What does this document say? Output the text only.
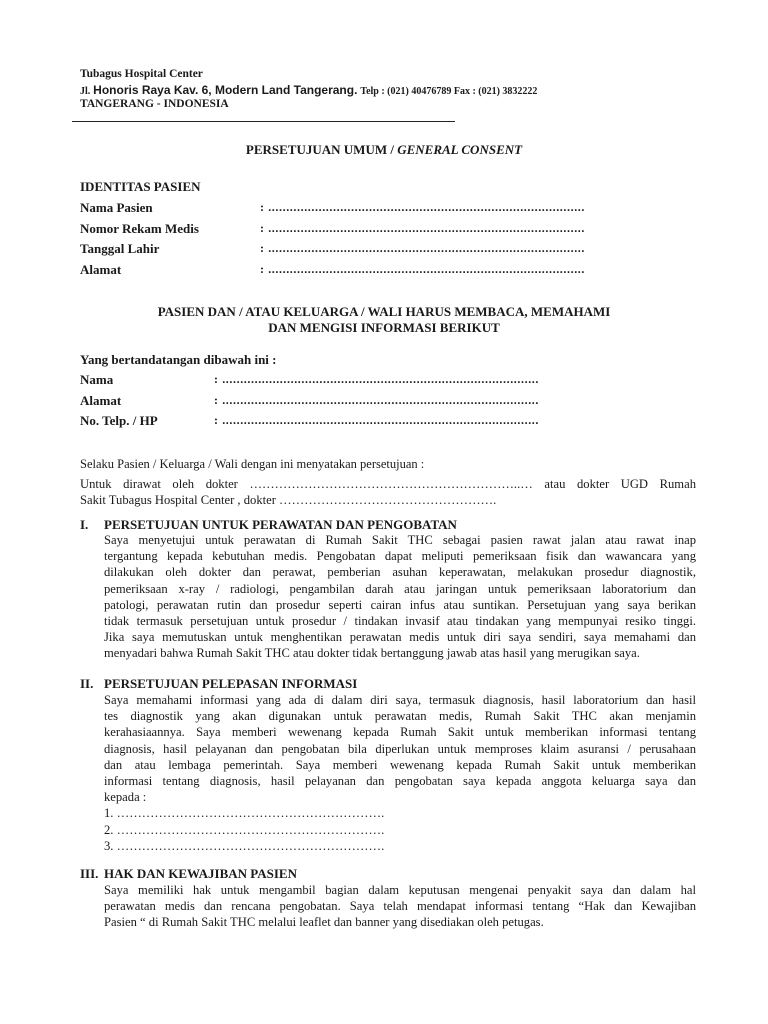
Tubagus Hospital Center
Jl. Honoris Raya Kav. 6, Modern Land Tangerang. Telp : (021) 40476789 Fax : (021) 3832222
TANGERANG - INDONESIA
PERSETUJUAN UMUM / GENERAL CONSENT
IDENTITAS PASIEN
Nama Pasien	: ........................................................................................
Nomor Rekam Medis	: ........................................................................................
Tanggal Lahir	: ........................................................................................
Alamat	: ........................................................................................
PASIEN DAN / ATAU KELUARGA / WALI HARUS MEMBACA, MEMAHAMI
DAN MENGISI INFORMASI BERIKUT
Yang bertandatangan dibawah ini :
Nama	: ........................................................................................
Alamat	: ........................................................................................
No. Telp. / HP	: ........................................................................................
Selaku Pasien / Keluarga / Wali dengan ini menyatakan persetujuan :
Untuk dirawat oleh dokter ………………………………………………………..… atau dokter UGD Rumah
Sakit Tubagus Hospital Center , dokter …………………………………………….
I. PERSETUJUAN UNTUK PERAWATAN DAN PENGOBATAN
Saya menyetujui untuk perawatan di Rumah Sakit THC sebagai pasien rawat jalan atau rawat inap
tergantung kepada kebutuhan medis. Pengobatan dapat meliputi pemeriksaan fisik dan wawancara yang
dilakukan oleh dokter dan perawat, pemberian asuhan keperawatan, melakukan prosedur diagnostik,
pemeriksaan x-ray / radiologi, pengambilan darah atau jaringan untuk pemeriksaan laboratorium dan
patologi, perawatan rutin dan prosedur seperti cairan infus atau suntikan. Persetujuan yang saya berikan
tidak termasuk persetujuan untuk prosedur / tindakan invasif atau tindakan yang mempunyai resiko tinggi.
Jika saya memutuskan untuk menghentikan perawatan medis untuk diri saya sendiri, saya memahami dan
menyadari bahwa Rumah Sakit THC atau dokter tidak bertanggung jawab atas hasil yang merugikan saya.
II. PERSETUJUAN PELEPASAN INFORMASI
Saya memahami informasi yang ada di dalam diri saya, termasuk diagnosis, hasil laboratorium dan hasil
tes diagnostik yang akan digunakan untuk perawatan medis, Rumah Sakit THC akan menjamin
kerahasiaannya. Saya memberi wewenang kepada Rumah Sakit untuk memberikan informasi tentang
diagnosis, hasil pelayanan dan pengobatan bila diperlukan untuk memproses klaim asuransi / perusahaan
dan atau lembaga pemerintah. Saya memberi wewenang kepada Rumah Sakit untuk memberikan
informasi tentang diagnosis, hasil pelayanan dan pengobatan saya kepada anggota keluarga saya dan
kepada :
1. ……………………………………………………….
2. ……………………………………………………….
3. ……………………………………………………….
III. HAK DAN KEWAJIBAN PASIEN
Saya memiliki hak untuk mengambil bagian dalam keputusan mengenai penyakit saya dan dalam hal
perawatan medis dan rencana pengobatan. Saya telah mendapat informasi tentang “Hak dan Kewajiban
Pasien “ di Rumah Sakit THC melalui leaflet dan banner yang disediakan oleh petugas.
